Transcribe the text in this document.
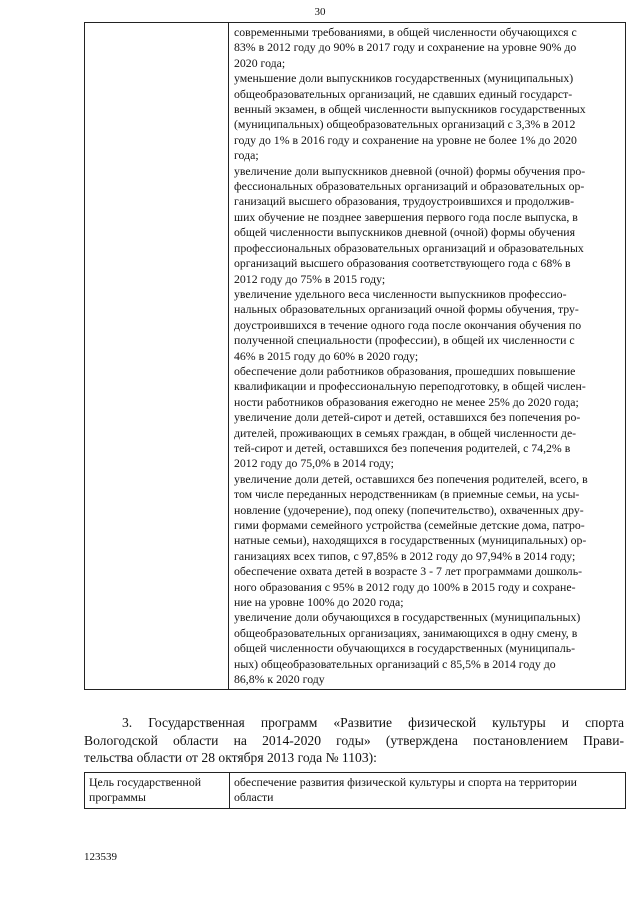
30

современными требованиями, в общей численности обучающихся с
83% в 2012 году до 90% в 2017 году и сохранение на уровне 90% до
2020 года;
уменьшение доли выпускников государственных (муниципальных)
общеобразовательных организаций, не сдавших единый государст-
венный экзамен, в общей численности выпускников государственных
(муниципальных) общеобразовательных организаций с 3,3% в 2012
году до 1% в 2016 году и сохранение на уровне не более 1% до 2020
года;
увеличение доли выпускников дневной (очной) формы обучения про-
фессиональных образовательных организаций и образовательных ор-
ганизаций высшего образования, трудоустроившихся и продолжив-
ших обучение не позднее завершения первого года после выпуска, в
общей численности выпускников дневной (очной) формы обучения
профессиональных образовательных организаций и образовательных
организаций высшего образования соответствующего года с 68% в
2012 году до 75% в 2015 году;
увеличение удельного веса численности выпускников профессио-
нальных образовательных организаций очной формы обучения, тру-
доустроившихся в течение одного года после окончания обучения по
полученной специальности (профессии), в общей их численности с
46% в 2015 году до 60% в 2020 году;
обеспечение доли работников образования, прошедших повышение
квалификации и профессиональную переподготовку, в общей числен-
ности работников образования ежегодно не менее 25% до 2020 года;
увеличение доли детей-сирот и детей, оставшихся без попечения ро-
дителей, проживающих в семьях граждан, в общей численности де-
тей-сирот и детей, оставшихся без попечения родителей, с 74,2% в
2012 году до 75,0% в 2014 году;
увеличение доли детей, оставшихся без попечения родителей, всего, в
том числе переданных неродственникам (в приемные семьи, на усы-
новление (удочерение), под опеку (попечительство), охваченных дру-
гими формами семейного устройства (семейные детские дома, патро-
натные семьи), находящихся в государственных (муниципальных) ор-
ганизациях всех типов, с 97,85% в 2012 году до 97,94% в 2014 году;
обеспечение охвата детей в возрасте 3 - 7 лет программами дошколь-
ного образования с 95% в 2012 году до 100% в 2015 году и сохране-
ние на уровне 100% до 2020 года;
увеличение доли обучающихся в государственных (муниципальных)
общеобразовательных организациях, занимающихся в одну смену, в
общей численности обучающихся в государственных (муниципаль-
ных) общеобразовательных организаций с 85,5% в 2014 году до
86,8% к 2020 году
3. Государственная программ «Развитие физической культуры и спорта
Вологодской области на 2014-2020 годы» (утверждена постановлением Прави-
тельства области от 28 октября 2013 года № 1103):
Цель государственной
программы

обеспечение развития физической культуры и спорта на территории
области
123539
